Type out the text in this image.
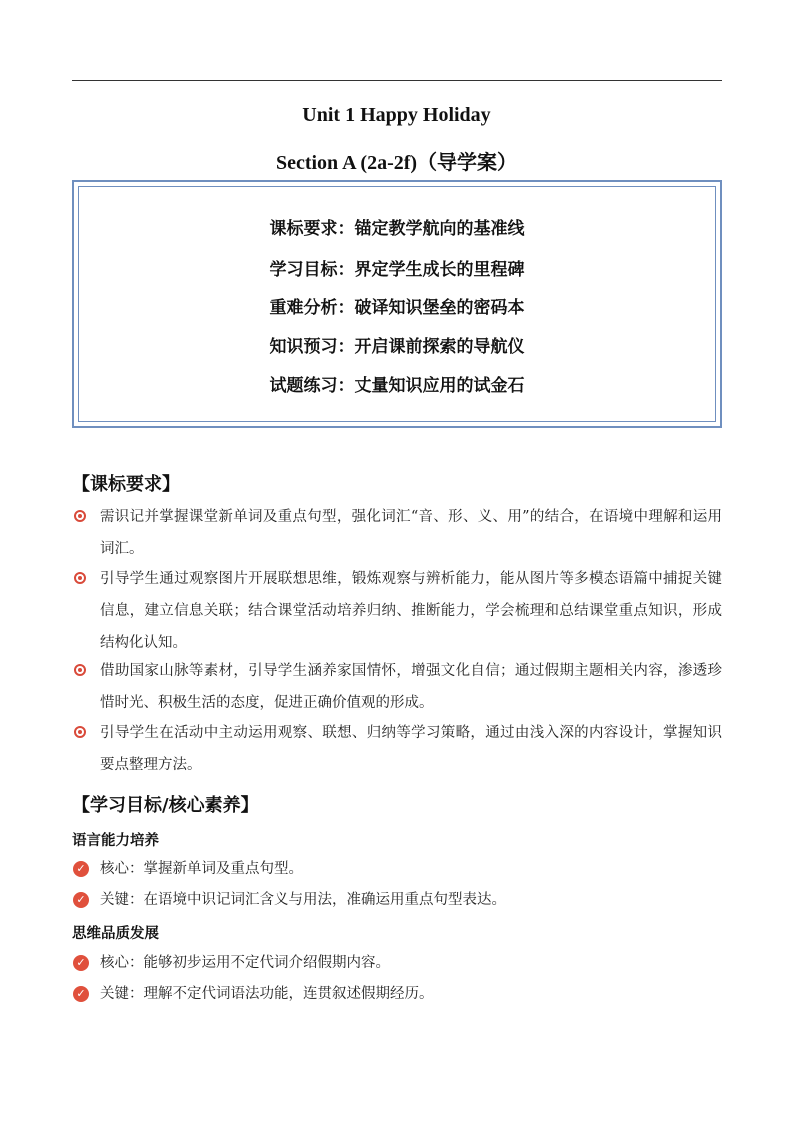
Unit 1 Happy Holiday
Section A (2a-2f)（导学案）
课标要求：锚定教学航向的基准线
学习目标：界定学生成长的里程碑
重难分析：破译知识堡垒的密码本
知识预习：开启课前探索的导航仪
试题练习：丈量知识应用的试金石
【课标要求】
需识记并掌握课堂新单词及重点句型，强化词汇“音、形、义、用”的结合，在语境中理解和运用词汇。
引导学生通过观察图片开展联想思维，锻炼观察与辨析能力，能从图片等多模态语篇中捕捉关键信息，建立信息关联；结合课堂活动培养归纳、推断能力，学会梳理和总结课堂重点知识，形成结构化认知。
借助国家山脉等素材，引导学生涵养家国情怀，增强文化自信；通过假期主题相关内容，渗透珍惜时光、积极生活的态度，促进正确价值观的形成。
引导学生在活动中主动运用观察、联想、归纳等学习策略，通过由浅入深的内容设计，掌握知识要点整理方法。
【学习目标/核心素养】
语言能力培养
✓ 核心：掌握新单词及重点句型。
✓ 关键：在语境中识记词汇含义与用法，准确运用重点句型表达。
思维品质发展
✓ 核心：能够初步运用不定代词介绍假期内容。
✓ 关键：理解不定代词语法功能，连贯叙述假期经历。
